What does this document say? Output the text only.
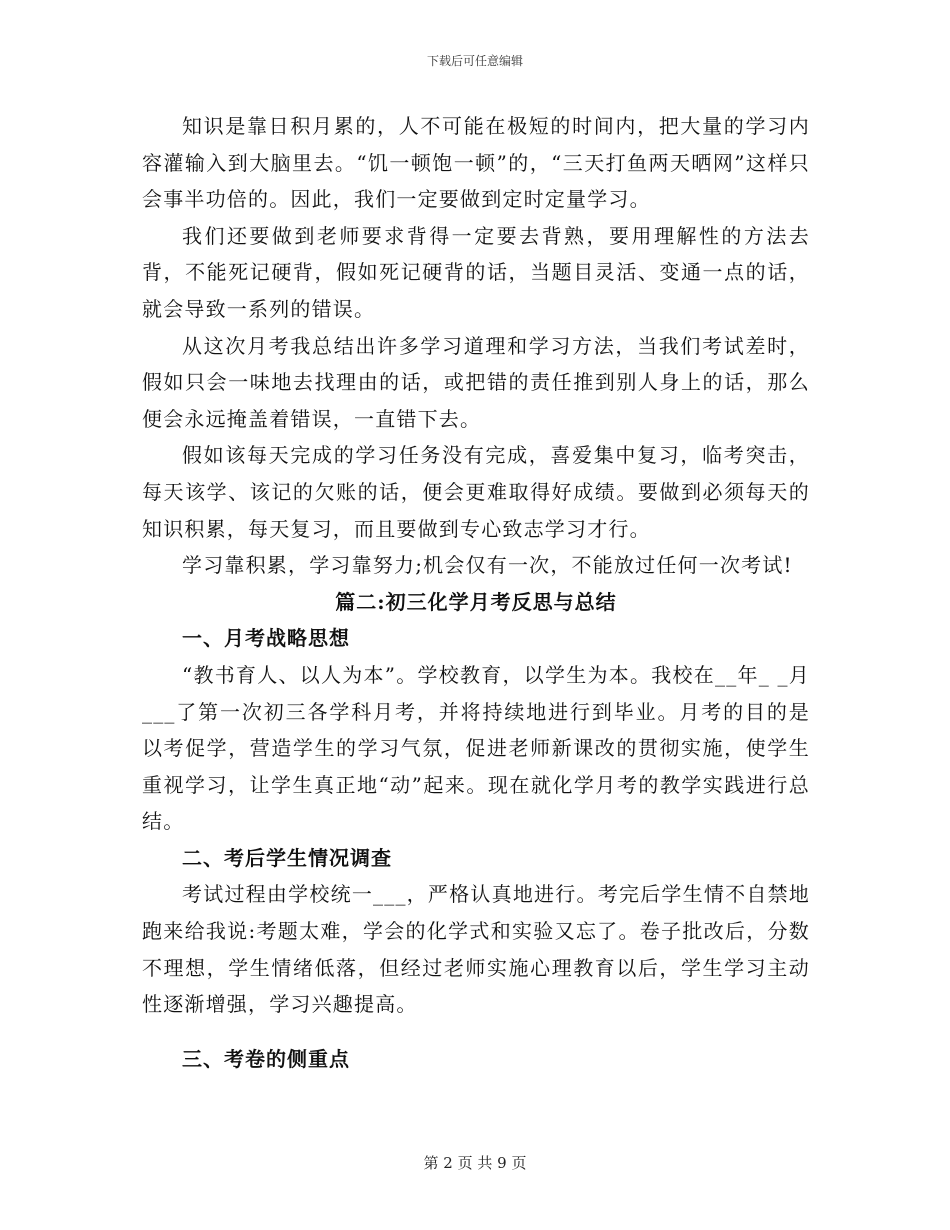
下载后可任意编辑

知识是靠日积月累的，人不可能在极短的时间内，把大量的学习内容灌输入到大脑里去。“饥一顿饱一顿”的，“三天打鱼两天晒网”这样只会事半功倍的。因此，我们一定要做到定时定量学习。

我们还要做到老师要求背得一定要去背熟，要用理解性的方法去背，不能死记硬背，假如死记硬背的话，当题目灵活、变通一点的话，就会导致一系列的错误。

从这次月考我总结出许多学习道理和学习方法，当我们考试差时，假如只会一味地去找理由的话，或把错的责任推到别人身上的话，那么便会永远掩盖着错误，一直错下去。

假如该每天完成的学习任务没有完成，喜爱集中复习，临考突击，每天该学、该记的欠账的话，便会更难取得好成绩。要做到必须每天的知识积累，每天复习，而且要做到专心致志学习才行。

学习靠积累，学习靠努力;机会仅有一次，不能放过任何一次考试!

篇二:初三化学月考反思与总结

一、月考战略思想

“教书育人、以人为本”。学校教育，以学生为本。我校在__年_ _月___了第一次初三各学科月考，并将持续地进行到毕业。月考的目的是以考促学，营造学生的学习气氛，促进老师新课改的贯彻实施，使学生重视学习，让学生真正地“动”起来。现在就化学月考的教学实践进行总结。

二、考后学生情况调查

考试过程由学校统一___，严格认真地进行。考完后学生情不自禁地跑来给我说:考题太难，学会的化学式和实验又忘了。卷子批改后，分数不理想，学生情绪低落，但经过老师实施心理教育以后，学生学习主动性逐渐增强，学习兴趣提高。

三、考卷的侧重点

第 2 页 共 9 页
